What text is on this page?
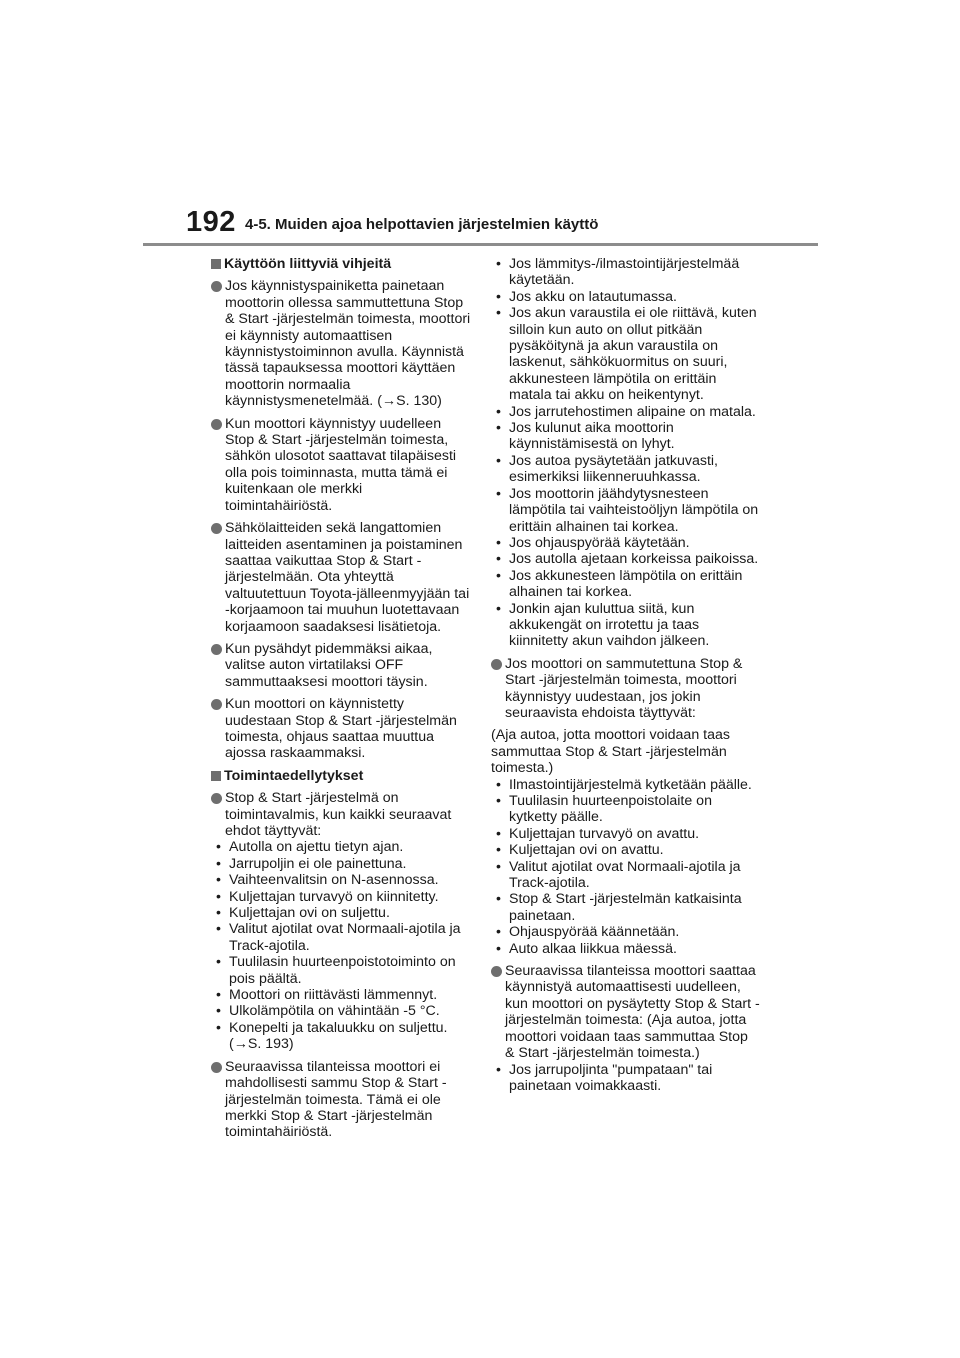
192 4-5. Muiden ajoa helpottavien järjestelmien käyttö
Käyttöön liittyviä vihjeitä
Jos käynnistyspainiketta painetaan moottorin ollessa sammuttettuna Stop & Start -järjestelmän toimesta, moottori ei käynnisty automaattisen käynnistystoiminnon avulla. Käynnistä tässä tapauksessa moottori käyttäen moottorin normaalia käynnistysmenetelmää. (→S. 130)
Kun moottori käynnistyy uudelleen Stop & Start -järjestelmän toimesta, sähkön ulosotot saattavat tilapäisesti olla pois toiminnasta, mutta tämä ei kuitenkaan ole merkki toimintahäiriöstä.
Sähkölaitteiden sekä langattomien laitteiden asentaminen ja poistaminen saattaa vaikuttaa Stop & Start -järjestelmään. Ota yhteyttä valtuutettuun Toyota-jälleenmyyjään tai -korjaamoon tai muuhun luotettavaan korjaamoon saadaksesi lisätietoja.
Kun pysähdyt pidemmäksi aikaa, valitse auton virtatilaksi OFF sammuttaaksesi moottori täysin.
Kun moottori on käynnistetty uudestaan Stop & Start -järjestelmän toimesta, ohjaus saattaa muuttua ajossa raskaammaksi.
Toimintaedellytykset
Stop & Start -järjestelmä on toimintavalmis, kun kaikki seuraavat ehdot täyttyvät:
• Autolla on ajettu tietyn ajan.
• Jarrupoljin ei ole painettuna.
• Vaihteenvalitsin on N-asennossa.
• Kuljettajan turvavyö on kiinnitetty.
• Kuljettajan ovi on suljettu.
• Valitut ajotilat ovat Normaali-ajotila ja Track-ajotila.
• Tuulilasin huurteenpoistotoiminto on pois päältä.
• Moottori on riittävästi lämmennyt.
• Ulkolämpötila on vähintään -5 °C.
• Konepelti ja takaluukku on suljettu. (→S. 193)
Seuraavissa tilanteissa moottori ei mahdollisesti sammu Stop & Start -järjestelmän toimesta. Tämä ei ole merkki Stop & Start -järjestelmän toimintahäiriöstä.
• Jos lämmitys-/ilmastointijärjestelmää käytetään.
• Jos akku on latautumassa.
• Jos akun varaustila ei ole riittävä, kuten silloin kun auto on ollut pitkään pysäköitynä ja akun varaustila on laskenut, sähkökuormitus on suuri, akkunesteen lämpötila on erittäin matala tai akku on heikentynyt.
• Jos jarrutehostimen alipaine on matala.
• Jos kulunut aika moottorin käynnistämisestä on lyhyt.
• Jos autoa pysäytetään jatkuvasti, esimerkiksi liikenneruuhkassa.
• Jos moottorin jäähdytysnesteen lämpötila tai vaihteistoöljyn lämpötila on erittäin alhainen tai korkea.
• Jos ohjauspyörää käytetään.
• Jos autolla ajetaan korkeissa paikoissa.
• Jos akkunesteen lämpötila on erittäin alhainen tai korkea.
• Jonkin ajan kuluttua siitä, kun akkukengät on irrotettu ja taas kiinnitetty akun vaihdon jälkeen.
Jos moottori on sammutettuna Stop & Start -järjestelmän toimesta, moottori käynnistyy uudestaan, jos jokin seuraavista ehdoista täyttyvät:
(Aja autoa, jotta moottori voidaan taas sammuttaa Stop & Start -järjestelmän toimesta.)
• Ilmastointijärjestelmä kytketään päälle.
• Tuulilasin huurteenpoistolaite on kytketty päälle.
• Kuljettajan turvavyö on avattu.
• Kuljettajan ovi on avattu.
• Valitut ajotilat ovat Normaali-ajotila ja Track-ajotila.
• Stop & Start -järjestelmän katkaisinta painetaan.
• Ohjauspyörää käännetään.
• Auto alkaa liikkua mäessä.
Seuraavissa tilanteissa moottori saattaa käynnistyä automaattisesti uudelleen, kun moottori on pysäytetty Stop & Start -järjestelmän toimesta: (Aja autoa, jotta moottori voidaan taas sammuttaa Stop & Start -järjestelmän toimesta.)
• Jos jarrupoljinta "pumpataan" tai painetaan voimakkaasti.
